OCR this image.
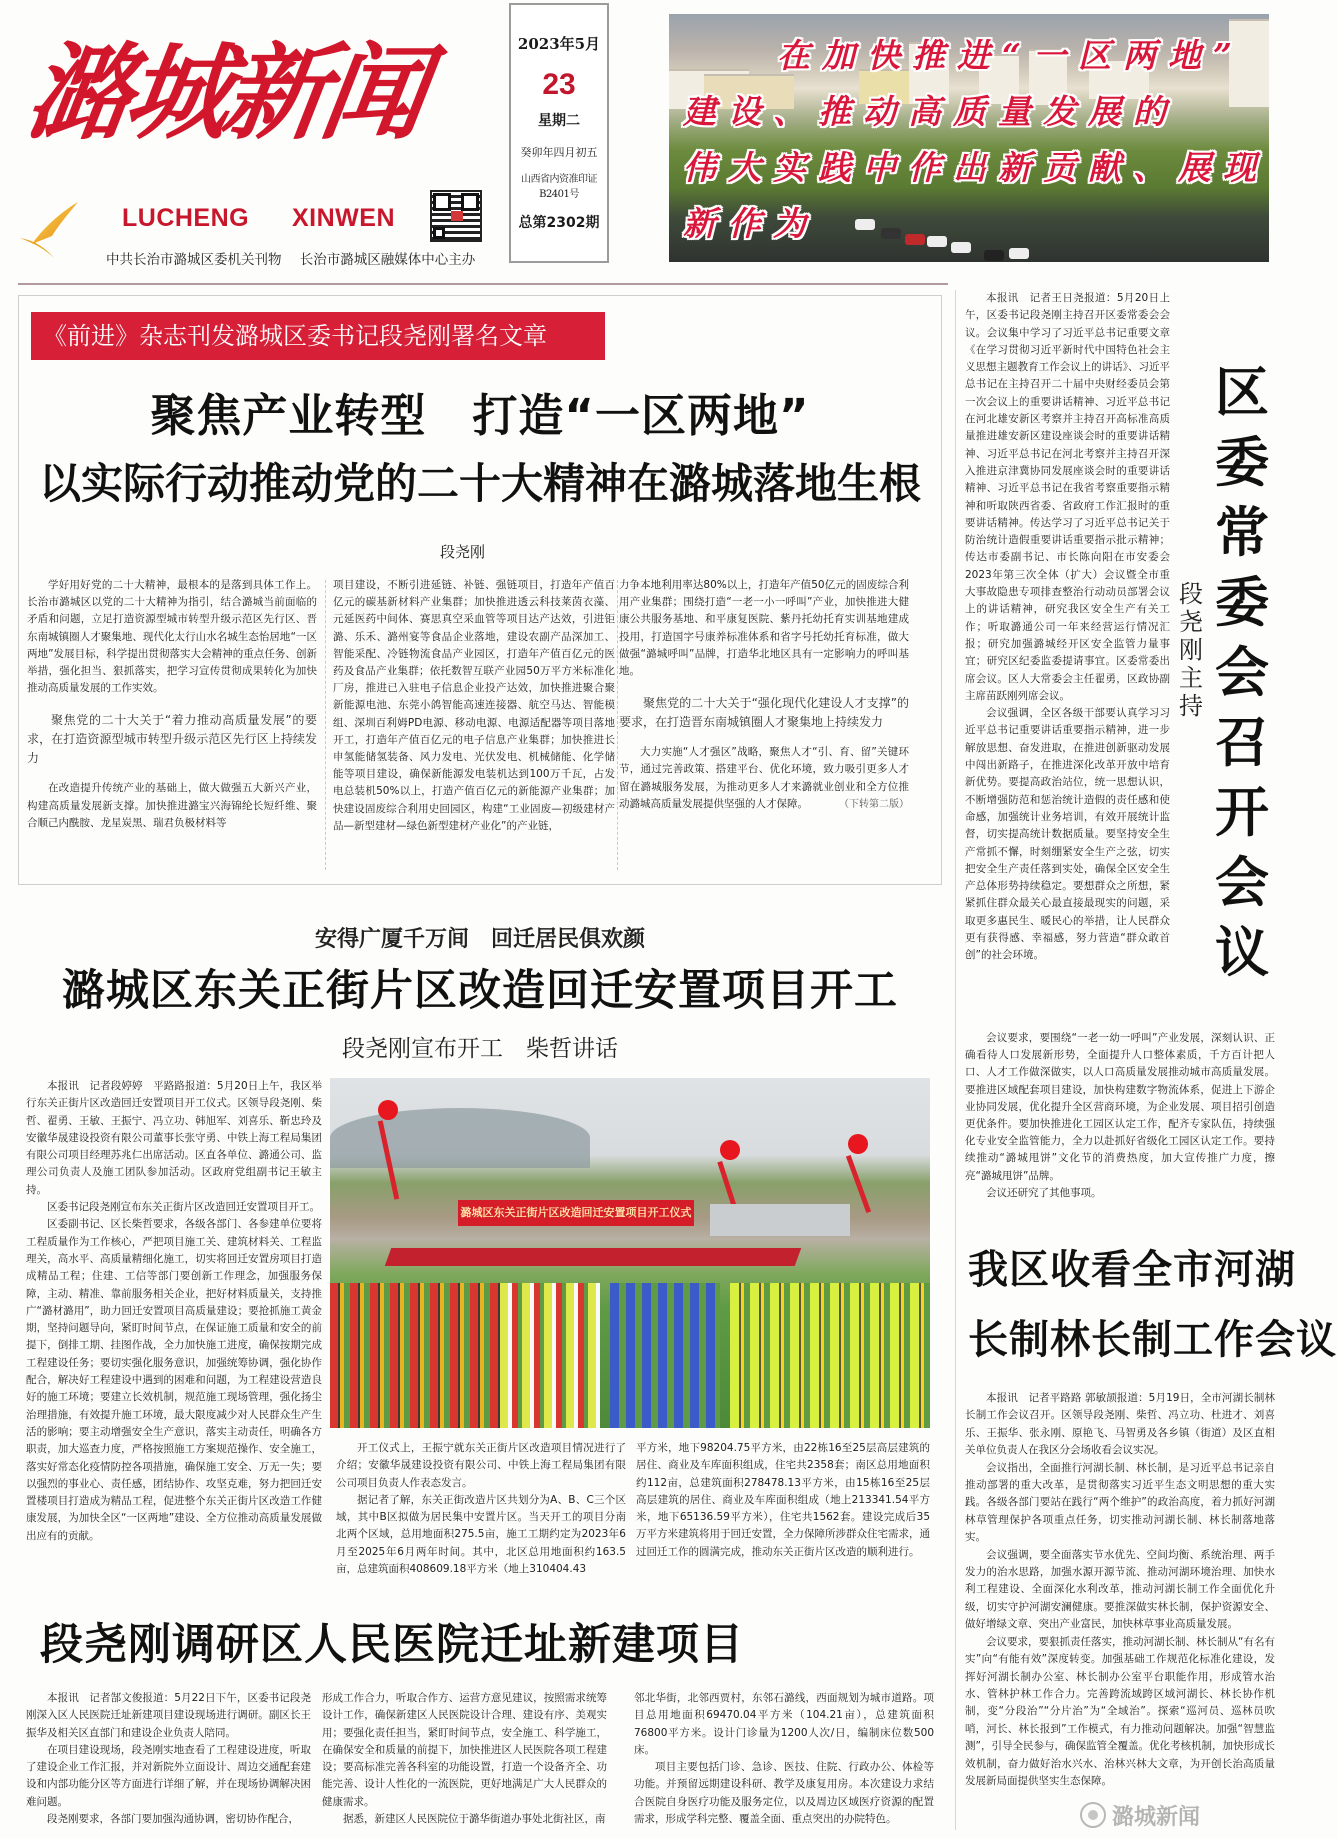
潞城新闻
LUCHENG XINWEN
中共长治市潞城区委机关刊物 长治市潞城区融媒体中心主办
2023年5月
23
星期二
癸卯年四月初五
山西省内资准印证B2401号
总第2302期
在加快推进“一区两地”
建设、推动高质量发展的
伟大实践中作出新贡献、展现
新作为
《前进》杂志刊发潞城区委书记段尧刚署名文章
聚焦产业转型　打造“一区两地”
以实际行动推动党的二十大精神在潞城落地生根
段尧刚

学好用好党的二十大精神，最根本的是落到具体工作上。长治市潞城区以党的二十大精神为指引，结合潞城当前面临的矛盾和问题，立足打造资源型城市转型升级示范区先行区、晋东南城镇圈人才聚集地、现代化太行山水名城生态怡居地“一区两地”发展目标，科学提出贯彻落实大会精神的重点任务、创新举措，强化担当、狠抓落实，把学习宣传贯彻成果转化为加快推动高质量发展的工作实效。

聚焦党的二十大关于“着力推动高质量发展”的要求，在打造资源型城市转型升级示范区先行区上持续发力

在改造提升传统产业的基础上，做大做强五大新兴产业，构建高质量发展新支撑。加快推进潞宝兴海锦纶长短纤维、聚合顺己内酰胺、龙星炭黑、瑞君负极材料等

项目建设，不断引进延链、补链、强链项目，打造年产值百亿元的碳基新材料产业集群；加快推进透云科技莱茵衣藻、元延医药中间体、赛思真空采血管等项目达产达效，引进钜潞、乐禾、潞州宴等食品企业落地，建设农副产品深加工、智能采配、冷链物流食品产业园区，打造年产值百亿元的医药及食品产业集群；依托数智互联产业园50万平方米标准化厂房，推进已入驻电子信息企业投产达效，加快推进聚合聚新能源电池、东莞小鸽智能高速连接器、航空马达、智能模组、深圳百利姆PD电源、移动电源、电源适配器等项目落地开工，打造年产值百亿元的电子信息产业集群；加快推进长申氢能储氢装备、风力发电、光伏发电、机械储能、化学储能等项目建设，确保新能源发电装机达到100万千瓦，占发电总装机50%以上，打造产值百亿元的新能源产业集群；加快建设固废综合利用史回园区，构建“工业固废—初级建材产品—新型建材—绿色新型建材产业化”的产业链，

力争本地利用率达80%以上，打造年产值50亿元的固废综合利用产业集群；围绕打造“一老一小一呼叫”产业，加快推进大健康公共服务基地、和平康复医院、紫丹托幼托育实训基地建成投用，打造国字号康养标准体系和省字号托幼托育标准，做大做强“潞城呼叫”品牌，打造华北地区具有一定影响力的呼叫基地。

聚焦党的二十大关于“强化现代化建设人才支撑”的要求，在打造晋东南城镇圈人才聚集地上持续发力

大力实施“人才强区”战略，聚焦人才“引、育、留”关键环节，通过完善政策、搭建平台、优化环境，致力吸引更多人才留在潞城服务发展，为推动更多人才来潞就业创业和全方位推动潞城高质量发展提供坚强的人才保障。	（下转第二版）

本报讯　记者王日尧报道：5月20日上午，区委书记段尧刚主持召开区委常委会会议。会议集中学习了习近平总书记重要文章《在学习贯彻习近平新时代中国特色社会主义思想主题教育工作会议上的讲话》、习近平总书记在主持召开二十届中央财经委员会第一次会议上的重要讲话精神、习近平总书记在河北雄安新区考察并主持召开高标准高质量推进雄安新区建设座谈会时的重要讲话精神、习近平总书记在河北考察并主持召开深入推进京津冀协同发展座谈会时的重要讲话精神、习近平总书记在我省考察重要指示精神和听取陕西省委、省政府工作汇报时的重要讲话精神。传达学习了习近平总书记关于防治统计造假重要讲话重要指示批示精神；传达市委副书记、市长陈向阳在市安委会2023年第三次全体（扩大）会议暨全市重大事故隐患专项排查整治行动动员部署会议上的讲话精神，研究我区安全生产有关工作；听取潞通公司一年来经营运行情况汇报；研究加强潞城经开区安全监管力量事宜；研究区纪委监委提请事宜。区委常委出席会议。区人大常委会主任翟勇，区政协副主席苗跃刚列席会议。

会议强调，全区各级干部要认真学习习近平总书记重要讲话重要指示精神，进一步解放思想、奋发进取，在推进创新驱动发展中闯出新路子，在推进深化改革开放中培育新优势。要提高政治站位，统一思想认识，不断增强防范和惩治统计造假的责任感和使命感，加强统计业务培训，有效开展统计监督，切实提高统计数据质量。要坚持安全生产常抓不懈，时刻绷紧安全生产之弦，切实把安全生产责任落到实处，确保全区安全生产总体形势持续稳定。要想群众之所想，紧紧抓住群众最关心最直接最现实的问题，采取更多惠民生、暖民心的举措，让人民群众更有获得感、幸福感，努力营造“群众敢首创”的社会环境。

区委常委会召开会议
段尧刚主持

会议要求，要围绕“一老一幼一呼叫”产业发展，深刻认识、正确看待人口发展新形势，全面提升人口整体素质，千方百计把人口、人才工作做深做实，以人口高质量发展推动城市高质量发展。要推进区域配套项目建设，加快构建数字物流体系，促进上下游企业协同发展，优化提升全区营商环境，为企业发展、项目招引创造更优条件。要加快推进化工园区认定工作，配齐专家队伍，持续强化专业安全监管能力，全力以赴抓好省级化工园区认定工作。要持续推动“潞城甩饼”文化节的消费热度，加大宣传推广力度，擦亮“潞城甩饼”品牌。

会议还研究了其他事项。

我区收看全市河湖
长制林长制工作会议

本报讯　记者平路路 郭敏颉报道：5月19日，全市河湖长制林长制工作会议召开。区领导段尧刚、柴哲、冯立功、杜进才、刘喜乐、王振华、张永刚、原艳飞、马智勇及各乡镇（街道）及区直相关单位负责人在我区分会场收看会议实况。

会议指出，全面推行河湖长制、林长制，是习近平总书记亲自推动部署的重大改革，是贯彻落实习近平生态文明思想的重大实践。各级各部门要站在践行“两个维护”的政治高度，着力抓好河湖林草管理保护各项重点任务，切实推动河湖长制、林长制落地落实。

会议强调，要全面落实节水优先、空间均衡、系统治理、两手发力的治水思路，加强水源开源节流、推动河湖环境治理、加快水利工程建设、全面深化水利改革，推动河湖长制工作全面优化升级，切实守护河湖安澜健康。要推深做实林长制，保护资源安全、做好增绿文章、突出产业富民，加快林草事业高质量发展。

会议要求，要狠抓责任落实，推动河湖长制、林长制从“有名有实”向“有能有效”深度转变。加强基础工作规范化标准化建设，发挥好河湖长制办公室、林长制办公室平台职能作用，形成管水治水、管林护林工作合力。完善跨流域跨区域河湖长、林长协作机制，变“分段治”“分片治”为“全域治”。探索“巡河员、巡林员吹哨，河长、林长报到”工作模式，有力推动问题解决。加强“智慧监测”，引导全民参与，确保监管全覆盖。优化考核机制，加快形成长效机制，奋力做好治水兴水、治林兴林大文章，为开创长治高质量发展新局面提供坚实生态保障。

潞城新闻
安得广厦千万间　回迁居民俱欢颜
潞城区东关正街片区改造回迁安置项目开工
段尧刚宣布开工　柴哲讲话

本报讯　记者段婷婷　平路路报道：5月20日上午，我区举行东关正街片区改造回迁安置项目开工仪式。区领导段尧刚、柴哲、翟勇、王敏、王振宁、冯立功、韩旭军、刘喜乐、靳忠玲及安徽华晟建设投资有限公司董事长张守勇、中铁上海工程局集团有限公司项目经理苏兆仁出席活动。区直各单位、潞通公司、监理公司负责人及施工团队参加活动。区政府党组副书记王敏主持。

区委书记段尧刚宣布东关正街片区改造回迁安置项目开工。

区委副书记、区长柴哲要求，各级各部门、各参建单位要将工程质量作为工作核心，严把项目施工关、建筑材料关、工程监理关，高水平、高质量精细化施工，切实将回迁安置房项目打造成精品工程；住建、工信等部门要创新工作理念，加强服务保障，主动、精准、靠前服务相关企业，把好材料质量关，支持推广“潞材潞用”，助力回迁安置项目高质量建设；要抢抓施工黄金期，坚持问题导向，紧盯时间节点，在保证施工质量和安全的前提下，倒排工期、挂图作战，全力加快施工进度，确保按期完成工程建设任务；要切实强化服务意识，加强统筹协调，强化协作配合，解决好工程建设中遇到的困难和问题，为工程建设营造良好的施工环境；要建立长效机制，规范施工现场管理，强化扬尘治理措施，有效提升施工环境，最大限度减少对人民群众生产生活的影响；要主动增强安全生产意识，落实主动责任，明确各方职责，加大巡查力度，严格按照施工方案规范操作、安全施工，落实好常态化疫情防控各项措施，确保施工安全、万无一失；要以强烈的事业心、责任感，团结协作、攻坚克难，努力把回迁安置楼项目打造成为精品工程，促进整个东关正街片区改造工作健康发展，为加快全区“一区两地”建设、全方位推动高质量发展做出应有的贡献。

潞城区东关正街片区改造回迁安置项目开工仪式

开工仪式上，王振宁就东关正街片区改造项目情况进行了介绍；安徽华晟建设投资有限公司、中铁上海工程局集团有限公司项目负责人作表态发言。

据记者了解，东关正街改造片区共划分为A、B、C三个区域，其中B区拟做为居民集中安置片区。当天开工的项目分南北两个区域，总用地面积275.5亩，施工工期约定为2023年6月至2025年6月两年时间。其中，北区总用地面积约163.5亩，总建筑面积408609.18平方米（地上310404.43

平方米，地下98204.75平方米，由22栋16至25层高层建筑的居住、商业及车库面积组成，住宅共2358套；南区总用地面积约112亩，总建筑面积278478.13平方米，由15栋16至25层高层建筑的居住、商业及车库面积组成（地上213341.54平方米，地下65136.59平方米），住宅共1562套。建设完成后35万平方米建筑将用于回迁安置，全力保障所涉群众住宅需求，通过回迁工作的圆满完成，推动东关正街片区改造的顺利进行。

段尧刚调研区人民医院迁址新建项目

本报讯　记者郜文俊报道：5月22日下午，区委书记段尧刚深入区人民医院迁址新建项目建设现场进行调研。副区长王振华及相关区直部门和建设企业负责人陪同。

在项目建设现场，段尧刚实地查看了工程建设进度，听取了建设企业工作汇报，并对新院外立面设计、周边交通配套建设和内部功能分区等方面进行详细了解，并在现场协调解决困难问题。

段尧刚要求，各部门要加强沟通协调，密切协作配合，

形成工作合力，听取合作方、运营方意见建议，按照需求统筹设计工作，确保新建区人民医院设计合理、建设有序、美观实用；要强化责任担当，紧盯时间节点，安全施工、科学施工，在确保安全和质量的前提下，加快推进区人民医院各项工程建设；要高标准完善各科室的功能设置，打造一个设备齐全、功能完善、设计人性化的一流医院，更好地满足广大人民群众的健康需求。

据悉，新建区人民医院位于潞华街道办事处北街社区，南

邻北华街，北邻西贾村，东邻石潞线，西面规划为城市道路。项目总用地面积69470.04平方米（104.21亩），总建筑面积76800平方米。设计门诊量为1200人次/日，编制床位数500床。

项目主要包括门诊、急诊、医技、住院、行政办公、体检等功能。并预留远期建设科研、教学及康复用房。本次建设力求结合医院自身医疗功能及服务定位，以及周边区域医疗资源的配置需求，形成学科完整、覆盖全面、重点突出的办院特色。
